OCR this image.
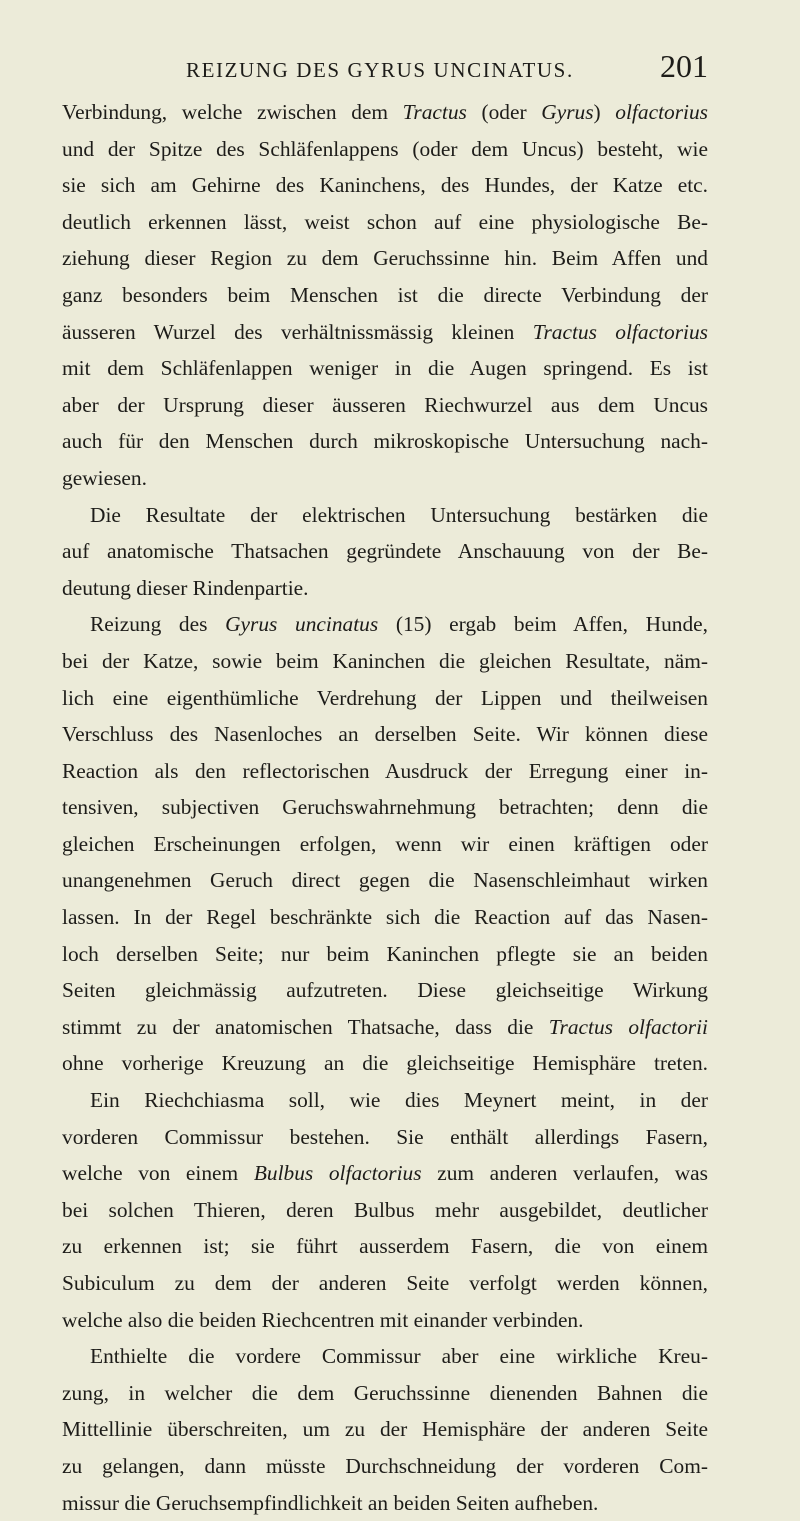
REIZUNG DES GYRUS UNCINATUS.	201
Verbindung, welche zwischen dem Tractus (oder Gyrus) olfactorius
und der Spitze des Schläfenlappens (oder dem Uncus) besteht, wie
sie sich am Gehirne des Kaninchens, des Hundes, der Katze etc.
deutlich erkennen lässt, weist schon auf eine physiologische Be-
ziehung dieser Region zu dem Geruchssinne hin. Beim Affen und
ganz besonders beim Menschen ist die directe Verbindung der
äusseren Wurzel des verhältnissmässig kleinen Tractus olfactorius
mit dem Schläfenlappen weniger in die Augen springend. Es ist
aber der Ursprung dieser äusseren Riechwurzel aus dem Uncus
auch für den Menschen durch mikroskopische Untersuchung nach-
gewiesen.
Die Resultate der elektrischen Untersuchung bestärken die
auf anatomische Thatsachen gegründete Anschauung von der Be-
deutung dieser Rindenpartie.
Reizung des Gyrus uncinatus (15) ergab beim Affen, Hunde,
bei der Katze, sowie beim Kaninchen die gleichen Resultate, näm-
lich eine eigenthümliche Verdrehung der Lippen und theilweisen
Verschluss des Nasenloches an derselben Seite. Wir können diese
Reaction als den reflectorischen Ausdruck der Erregung einer in-
tensiven, subjectiven Geruchswahrnehmung betrachten; denn die
gleichen Erscheinungen erfolgen, wenn wir einen kräftigen oder
unangenehmen Geruch direct gegen die Nasenschleimhaut wirken
lassen. In der Regel beschränkte sich die Reaction auf das Nasen-
loch derselben Seite; nur beim Kaninchen pflegte sie an beiden
Seiten gleichmässig aufzutreten. Diese gleichseitige Wirkung
stimmt zu der anatomischen Thatsache, dass die Tractus olfactorii
ohne vorherige Kreuzung an die gleichseitige Hemisphäre treten.
Ein Riechchiasma soll, wie dies Meynert meint, in der
vorderen Commissur bestehen. Sie enthält allerdings Fasern,
welche von einem Bulbus olfactorius zum anderen verlaufen, was
bei solchen Thieren, deren Bulbus mehr ausgebildet, deutlicher
zu erkennen ist; sie führt ausserdem Fasern, die von einem
Subiculum zu dem der anderen Seite verfolgt werden können,
welche also die beiden Riechcentren mit einander verbinden.
Enthielte die vordere Commissur aber eine wirkliche Kreu-
zung, in welcher die dem Geruchssinne dienenden Bahnen die
Mittellinie überschreiten, um zu der Hemisphäre der anderen Seite
zu gelangen, dann müsste Durchschneidung der vorderen Com-
missur die Geruchsempfindlichkeit an beiden Seiten aufheben.
